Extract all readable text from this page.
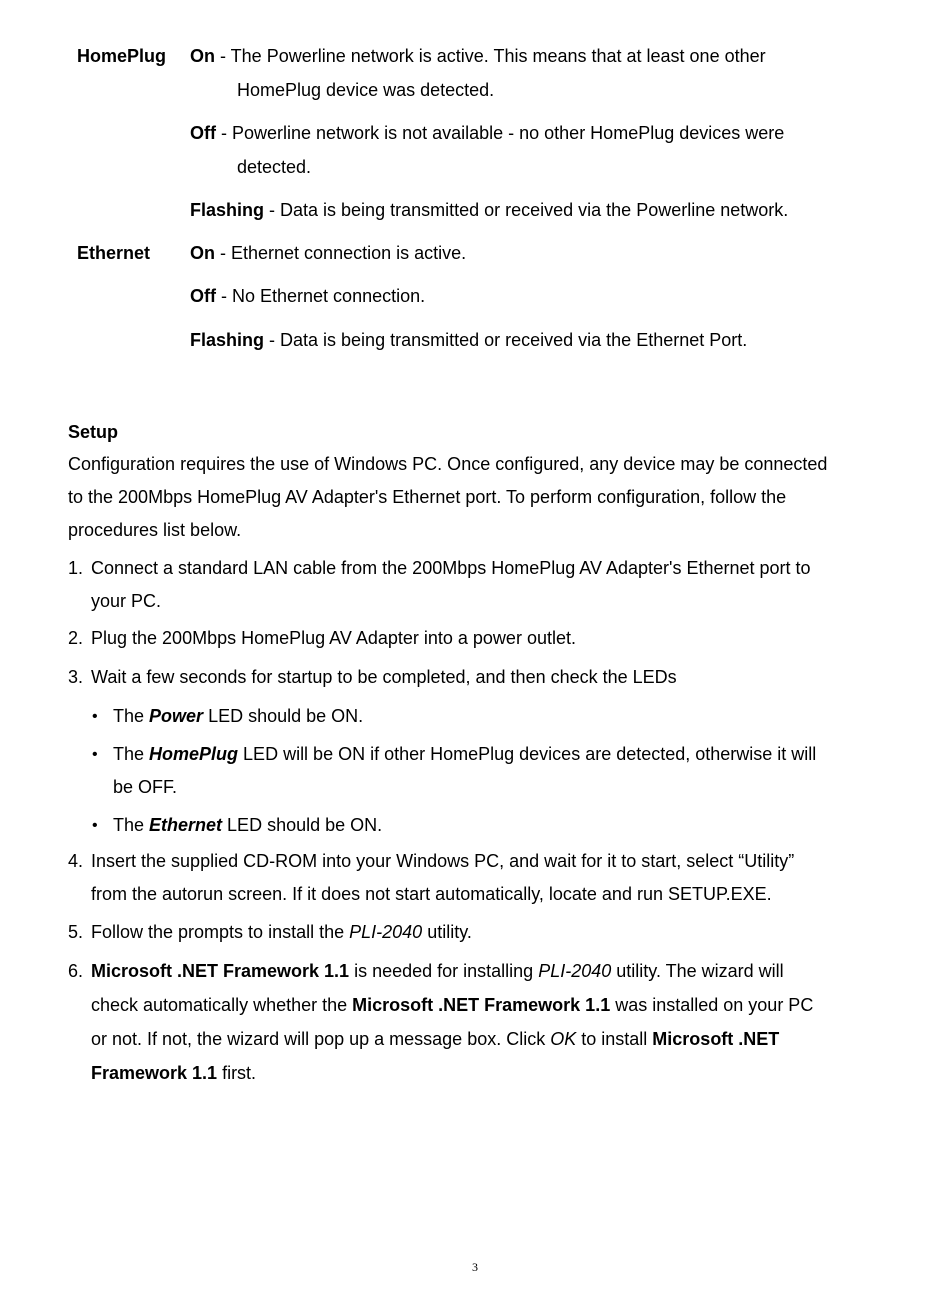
HomePlug On - The Powerline network is active. This means that at least one other
HomePlug device was detected.
Off - Powerline network is not available - no other HomePlug devices were
detected.
Flashing - Data is being transmitted or received via the Powerline network.
Ethernet On - Ethernet connection is active.
Off - No Ethernet connection.
Flashing - Data is being transmitted or received via the Ethernet Port.
Setup
Configuration requires the use of Windows PC. Once configured, any device may be connected
to the 200Mbps HomePlug AV Adapter's Ethernet port. To perform configuration, follow the
procedures list below.
1. Connect a standard LAN cable from the 200Mbps HomePlug AV Adapter's Ethernet port to
your PC.
2. Plug the 200Mbps HomePlug AV Adapter into a power outlet.
3. Wait a few seconds for startup to be completed, and then check the LEDs
• The Power LED should be ON.
• The HomePlug LED will be ON if other HomePlug devices are detected, otherwise it will
be OFF.
• The Ethernet LED should be ON.
4. Insert the supplied CD-ROM into your Windows PC, and wait for it to start, select “Utility”
from the autorun screen. If it does not start automatically, locate and run SETUP.EXE.
5. Follow the prompts to install the PLI-2040 utility.
6. Microsoft .NET Framework 1.1 is needed for installing PLI-2040 utility. The wizard will
check automatically whether the Microsoft .NET Framework 1.1 was installed on your PC
or not. If not, the wizard will pop up a message box. Click OK to install Microsoft .NET
Framework 1.1 first.
3
